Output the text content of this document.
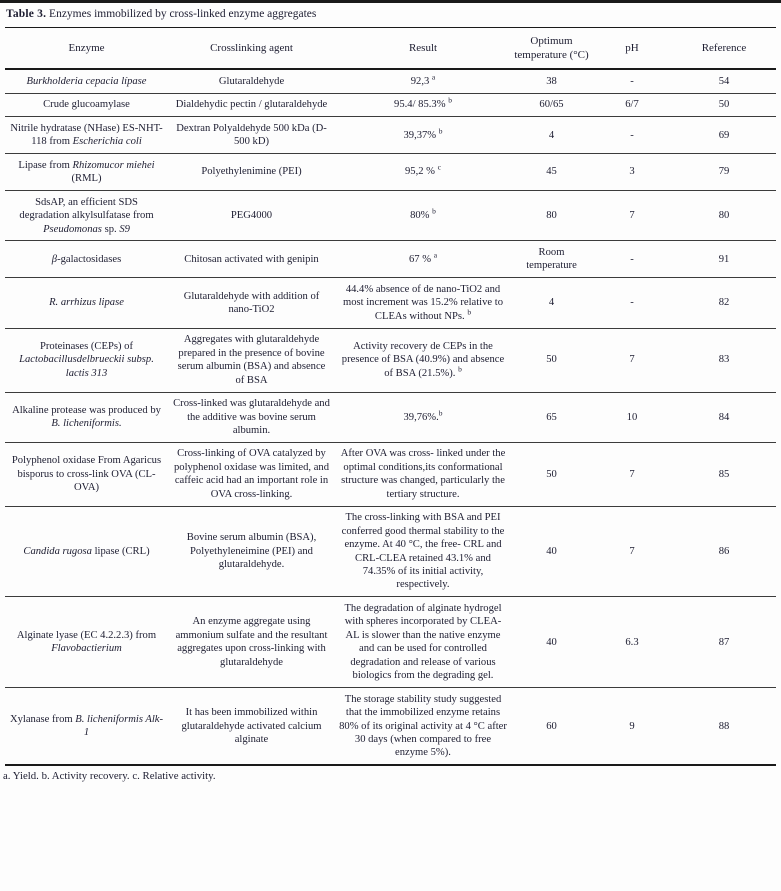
Table 3. Enzymes immobilized by cross-linked enzyme aggregates

Enzyme	Crosslinking agent	Result	Optimum temperature (°C)	pH	Reference
Burkholderia cepacia lípase	Glutaraldehyde	92,3 $^a$	38	-	54
Crude glucoamylase	Dialdehydic pectin / glutaraldehyde	95.4/ 85.3% $^b$	60/65	6/7	50
Nitrile hydratase (NHase) ES-NHT-118 from Escherichia coli	Dextran Polyaldehyde 500 kDa (D-500 kD)	39,37% $^b$	4	-	69
Lipase from Rhizomucor miehei (RML)	Polyethylenimine (PEI)	95,2 % $^c$	45	3	79
SdsAP, an efficient SDS degradation alkylsulfatase from Pseudomonas sp. S9	PEG4000	80% $^b$	80	7	80
β-galactosidases	Chitosan activated with genipin	67 % $^a$	Room temperature	-	91
R. arrhizus lipase	Glutaraldehyde with addition of nano-TiO2	44.4% absence of de nano-TiO2 and most increment was 15.2% relative to CLEAs without NPs. $^b$	4	-	82
Proteinases (CEPs) of Lactobacillusdelbrueckii subsp. lactis 313	Aggregates with glutaraldehyde prepared in the presence of bovine serum albumin (BSA) and absence of BSA	Activity recovery de CEPs in the presence of BSA (40.9%) and absence of BSA (21.5%). $^b$	50	7	83
Alkaline protease was produced by B. licheniformis.	Cross-linked was glutaraldehyde and the additive was bovine serum albumin.	39,76%.$^b$	65	10	84
Polyphenol oxidase From Agaricus bisporus to cross-link OVA (CL-OVA)	Cross-linking of OVA catalyzed by polyphenol oxidase was limited, and caffeic acid had an important role in OVA cross-linking.	After OVA was cross- linked under the optimal conditions,its conformational structure was changed, particularly the tertiary structure.	50	7	85
Candida rugosa lipase (CRL)	Bovine serum albumin (BSA), Polyethyleneimine (PEI) and glutaraldehyde.	The cross-linking with BSA and PEI conferred good thermal stability to the enzyme. At 40 °C, the free- CRL and CRL-CLEA retained 43.1% and 74.35% of its initial activity, respectively.	40	7	86
Alginate lyase (EC 4.2.2.3) from Flavobactierium	An enzyme aggregate using ammonium sulfate and the resultant aggregates upon cross-linking with glutaraldehyde	The degradation of alginate hydrogel with spheres incorporated by CLEA-AL is slower than the native enzyme and can be used for controlled degradation and release of various biologics from the degrading gel.	40	6.3	87
Xylanase from B. licheniformis Alk-1	It has been immobilized within glutaraldehyde activated calcium alginate	The storage stability study suggested that the immobilized enzyme retains 80% of its original activity at 4 °C after 30 days (when compared to free enzyme 5%).	60	9	88

a. Yield. b. Activity recovery. c. Relative activity.
